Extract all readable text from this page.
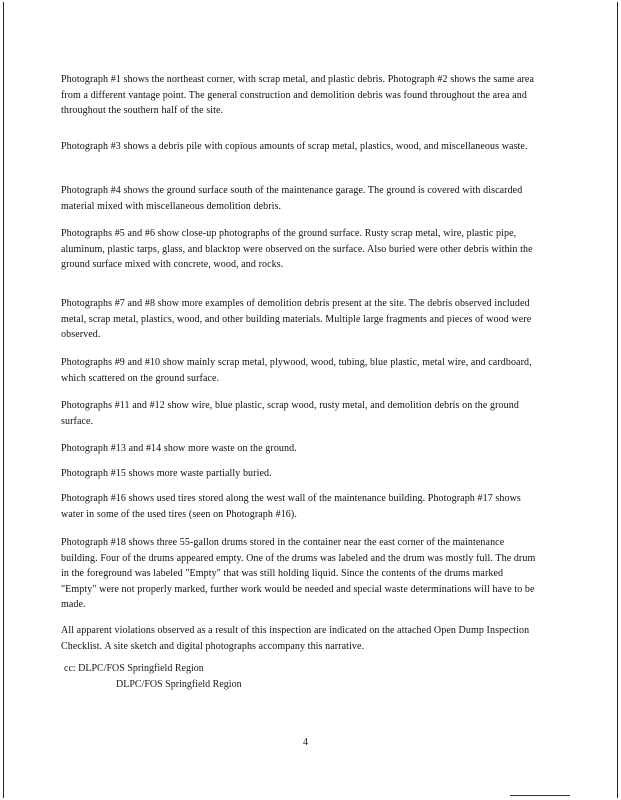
Photograph #1 shows the northeast corner, with scrap metal, and plastic debris. Photograph #2 shows the same area from a different vantage point. The general construction and demolition debris was found throughout the area and throughout the southern half of the site.

Photograph #3 shows a debris pile with copious amounts of scrap metal, plastics, wood, and miscellaneous waste.

Photograph #4 shows the ground surface south of the maintenance garage. The ground is covered with discarded material mixed with miscellaneous demolition debris.

Photographs #5 and #6 show close-up photographs of the ground surface. Rusty scrap metal, wire, plastic pipe, aluminum, plastic tarps, glass, and blacktop were observed on the surface. Also buried were other debris within the ground surface mixed with concrete, wood, and rocks.

Photographs #7 and #8 show more examples of demolition debris present at the site. The debris observed included metal, scrap metal, plastics, wood, and other building materials. Multiple large fragments and pieces of wood were observed.

Photographs #9 and #10 show mainly scrap metal, plywood, wood, tubing, blue plastic, metal wire, and cardboard, which scattered on the ground surface.

Photographs #11 and #12 show wire, blue plastic, scrap wood, rusty metal, and demolition debris on the ground surface.

Photograph #13 and #14 show more waste on the ground.

Photograph #15 shows more waste partially buried.

Photograph #16 shows used tires stored along the west wall of the maintenance building. Photograph #17 shows water in some of the used tires (seen on Photograph #16).

Photograph #18 shows three 55-gallon drums stored in the container near the east corner of the maintenance building. Four of the drums appeared empty. One of the drums was labeled and the drum was mostly full. The drum in the foreground was labeled "Empty" that was still holding liquid. Since the contents of the drums marked "Empty" were not properly marked, further work would be needed and special waste determinations will have to be made.

All apparent violations observed as a result of this inspection are indicated on the attached Open Dump Inspection Checklist. A site sketch and digital photographs accompany this narrative.

cc: DLPC/FOS Springfield Region

DLPC/FOS Springfield Region

4
